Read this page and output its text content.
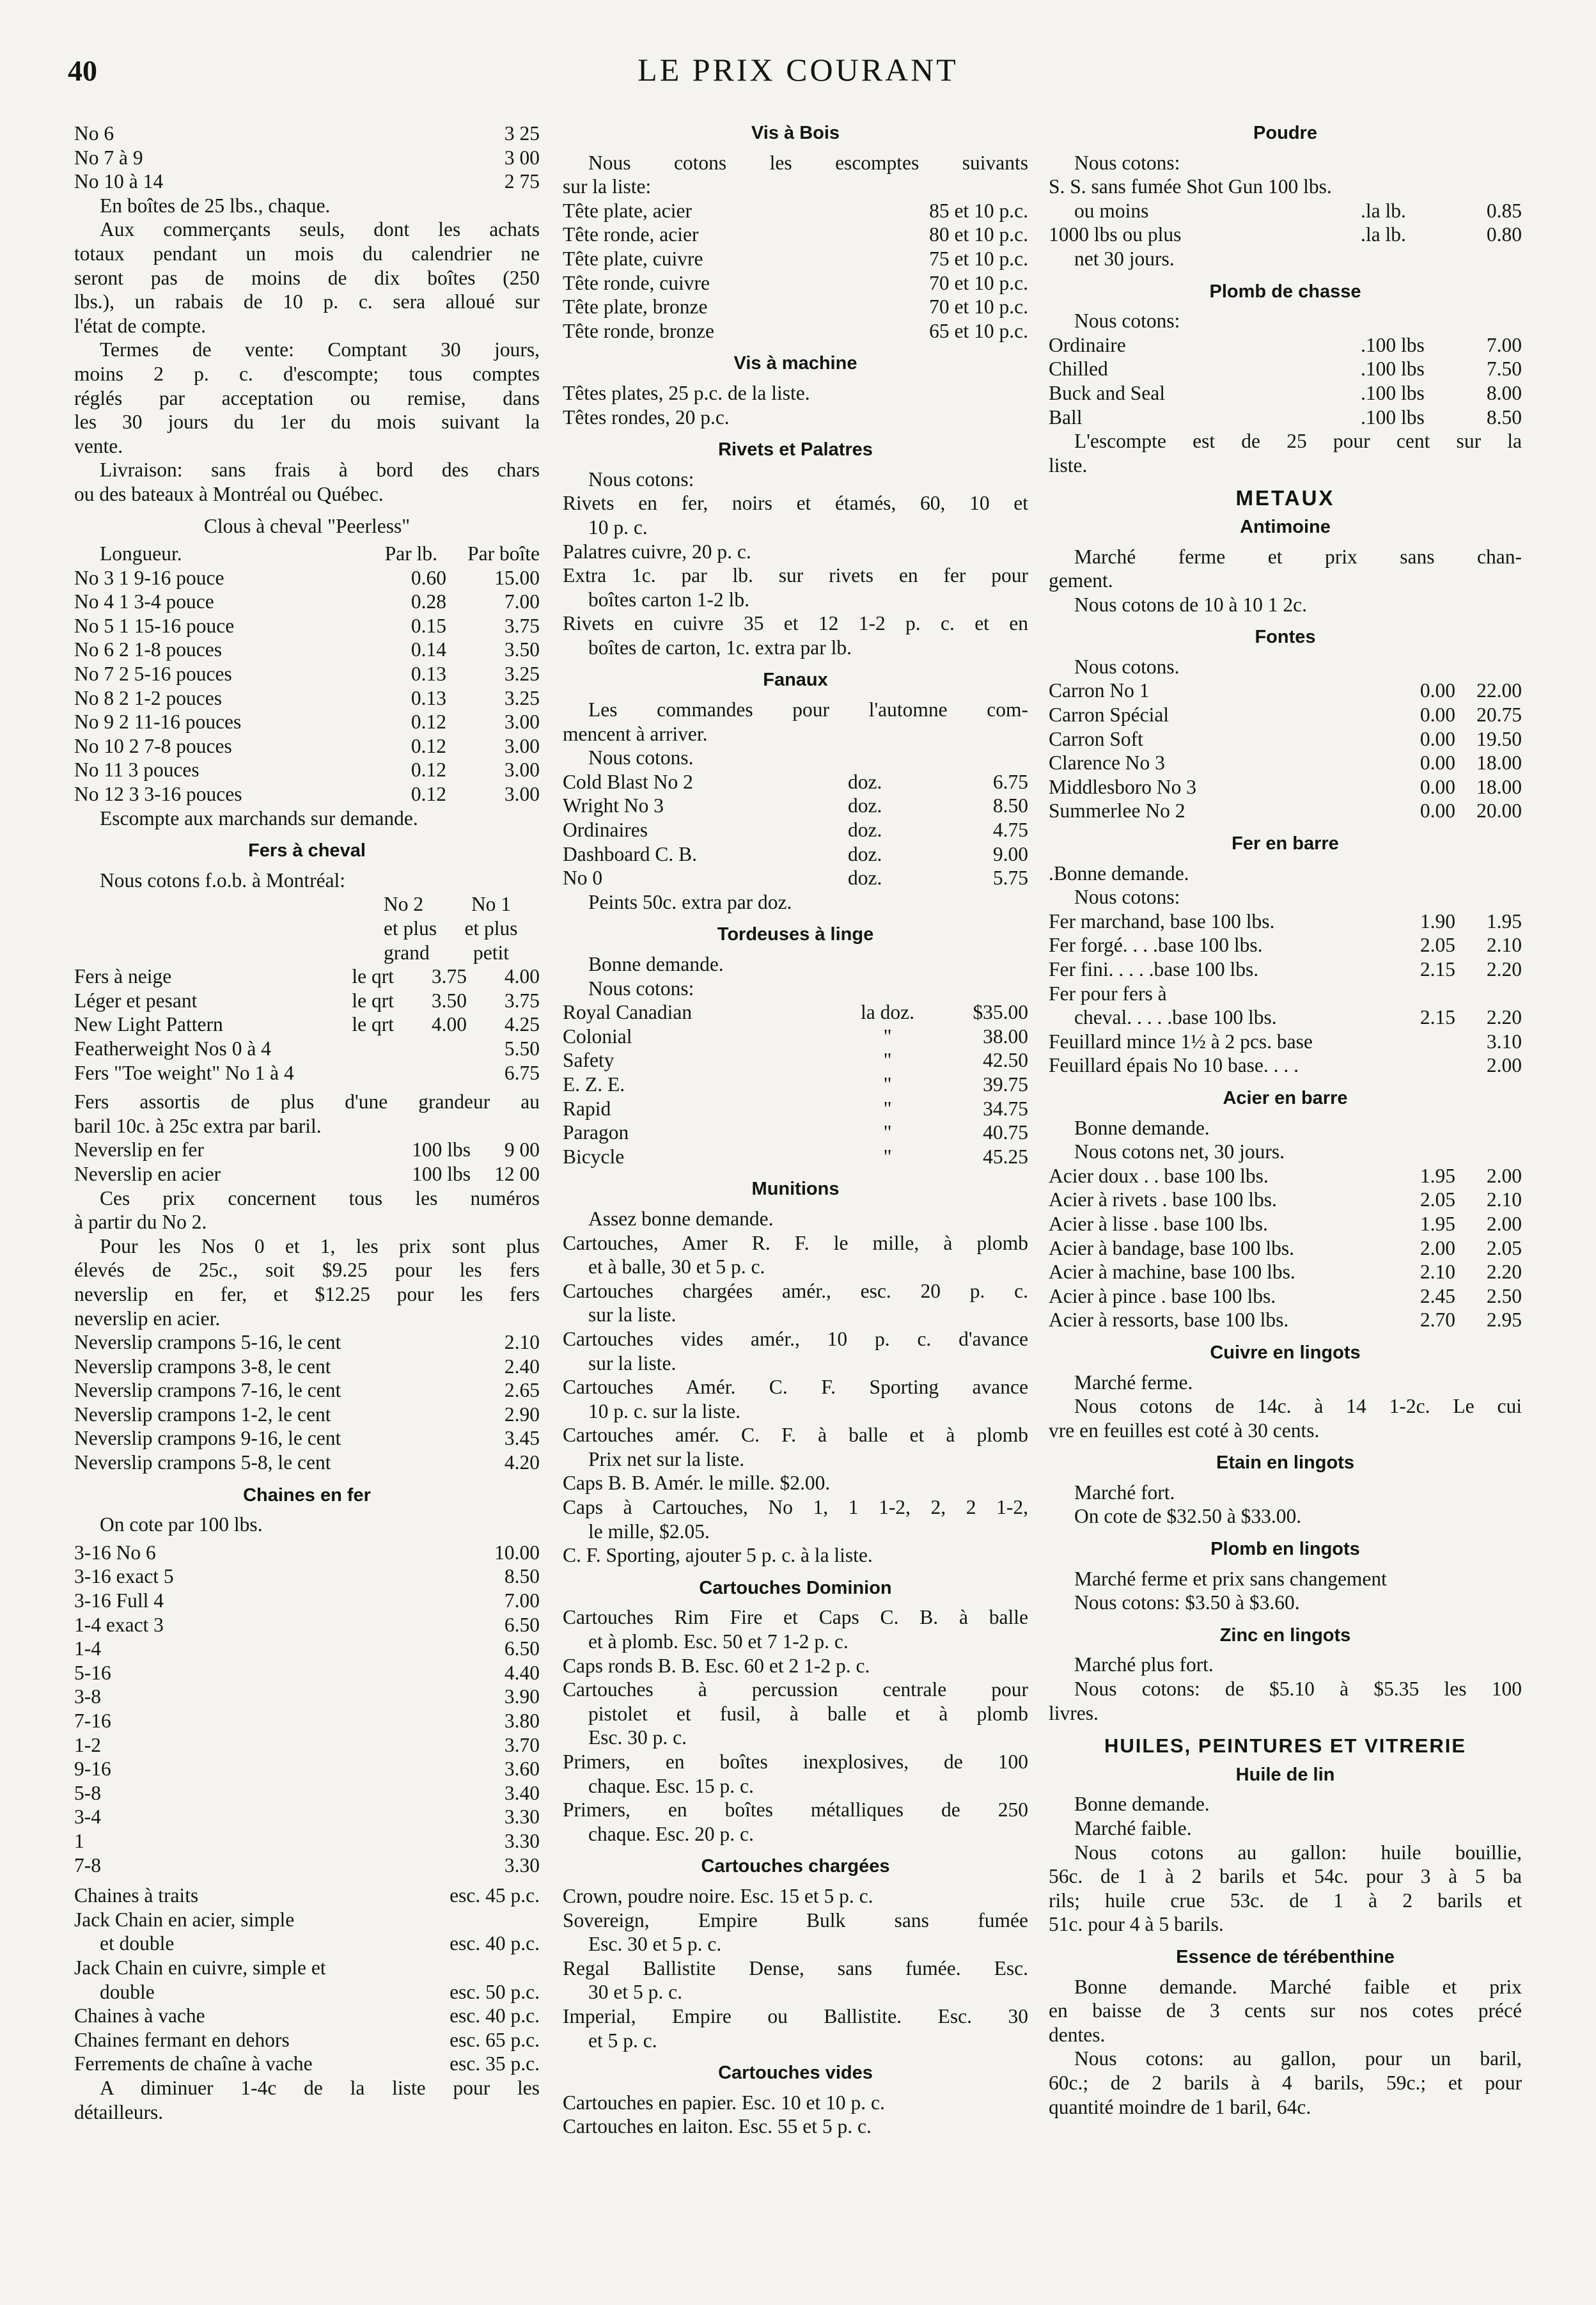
40	LE PRIX COURANT
No 6	3 25
No 7 à 9	3 00
No 10 à 14	2 75
En boîtes de 25 lbs., chaque.
Aux commerçants seuls, dont les achats
totaux pendant un mois du calendrier ne
seront pas de moins de dix boîtes (250
lbs.), un rabais de 10 p. c. sera alloué sur
l'état de compte.
Termes de vente: Comptant 30 jours,
moins 2 p. c. d'escompte; tous comptes
réglés par acceptation ou remise, dans
les 30 jours du 1er du mois suivant la
vente.
Livraison: sans frais à bord des chars
ou des bateaux à Montréal ou Québec.
Clous à cheval "Peerless"
Longueur.	Par lb.	Par boîte
No 3 1 9-16 pouce	0.60	15.00
No 4 1 3-4 pouce	0.28	7.00
No 5 1 15-16 pouce	0.15	3.75
No 6 2 1-8 pouces	0.14	3.50
No 7 2 5-16 pouces	0.13	3.25
No 8 2 1-2 pouces	0.13	3.25
No 9 2 11-16 pouces	0.12	3.00
No 10 2 7-8 pouces	0.12	3.00
No 11 3 pouces	0.12	3.00
No 12 3 3-16 pouces	0.12	3.00
Escompte aux marchands sur demande.
Fers à cheval
Nous cotons f.o.b. à Montréal:
No 2	No 1
et plus	et plus
grand	petit
Fers à neige	le qrt	3.75	4.00
Léger et pesant	le qrt	3.50	3.75
New Light Pattern	le qrt	4.00	4.25
Featherweight Nos 0 à 4	5.50
Fers "Toe weight" No 1 à 4	6.75
Fers assortis de plus d'une grandeur au
baril 10c. à 25c extra par baril.
Neverslip en fer	100 lbs	9 00
Neverslip en acier	100 lbs	12 00
Ces prix concernent tous les numéros
à partir du No 2.
Pour les Nos 0 et 1, les prix sont plus
élevés de 25c., soit $9.25 pour les fers
neverslip en fer, et $12.25 pour les fers
neverslip en acier.
Neverslip crampons 5-16, le cent	2.10
Neverslip crampons 3-8, le cent	2.40
Neverslip crampons 7-16, le cent	2.65
Neverslip crampons 1-2, le cent	2.90
Neverslip crampons 9-16, le cent	3.45
Neverslip crampons 5-8, le cent	4.20
Chaines en fer
On cote par 100 lbs.
3-16 No 6	10.00
3-16 exact 5	8.50
3-16 Full 4	7.00
1-4 exact 3	6.50
1-4	6.50
5-16	4.40
3-8	3.90
7-16	3.80
1-2	3.70
9-16	3.60
5-8	3.40
3-4	3.30
1	3.30
7-8	3.30
Chaines à traits	esc. 45 p.c.
Jack Chain en acier, simple
et double	esc. 40 p.c.
Jack Chain en cuivre, simple et
double	esc. 50 p.c.
Chaines à vache	esc. 40 p.c.
Chaines fermant en dehors	esc. 65 p.c.
Ferrements de chaîne à vache	esc. 35 p.c.
A diminuer 1-4c de la liste pour les
détailleurs.
Vis à Bois
Nous cotons les escomptes suivants
sur la liste:
Tête plate, acier	85 et 10 p.c.
Tête ronde, acier	80 et 10 p.c.
Tête plate, cuivre	75 et 10 p.c.
Tête ronde, cuivre	70 et 10 p.c.
Tête plate, bronze	70 et 10 p.c.
Tête ronde, bronze	65 et 10 p.c.
Vis à machine
Têtes plates, 25 p.c. de la liste.
Têtes rondes, 20 p.c.
Rivets et Palatres
Nous cotons:
Rivets en fer, noirs et étamés, 60, 10 et
10 p. c.
Palatres cuivre, 20 p. c.
Extra 1c. par lb. sur rivets en fer pour
boîtes carton 1-2 lb.
Rivets en cuivre 35 et 12 1-2 p. c. et en
boîtes de carton, 1c. extra par lb.
Fanaux
Les commandes pour l'automne com-
mencent à arriver.
Nous cotons.
Cold Blast No 2	doz.	6.75
Wright No 3	doz.	8.50
Ordinaires	doz.	4.75
Dashboard C. B.	doz.	9.00
No 0	doz.	5.75
Peints 50c. extra par doz.
Tordeuses à linge
Bonne demande.
Nous cotons:
Royal Canadian	la doz.	$35.00
Colonial	"	38.00
Safety	"	42.50
E. Z. E.	"	39.75
Rapid	"	34.75
Paragon	"	40.75
Bicycle	"	45.25
Munitions
Assez bonne demande.
Cartouches, Amer R. F. le mille, à plomb
et à balle, 30 et 5 p. c.
Cartouches chargées amér., esc. 20 p. c.
sur la liste.
Cartouches vides amér., 10 p. c. d'avance
sur la liste.
Cartouches Amér. C. F. Sporting avance
10 p. c. sur la liste.
Cartouches amér. C. F. à balle et à plomb
Prix net sur la liste.
Caps B. B. Amér. le mille. $2.00.
Caps à Cartouches, No 1, 1 1-2, 2, 2 1-2,
le mille, $2.05.
C. F. Sporting, ajouter 5 p. c. à la liste.
Cartouches Dominion
Cartouches Rim Fire et Caps C. B. à balle
et à plomb. Esc. 50 et 7 1-2 p. c.
Caps ronds B. B. Esc. 60 et 2 1-2 p. c.
Cartouches à percussion centrale pour
pistolet et fusil, à balle et à plomb
Esc. 30 p. c.
Primers, en boîtes inexplosives, de 100
chaque. Esc. 15 p. c.
Primers, en boîtes métalliques de 250
chaque. Esc. 20 p. c.
Cartouches chargées
Crown, poudre noire. Esc. 15 et 5 p. c.
Sovereign, Empire Bulk sans fumée
Esc. 30 et 5 p. c.
Regal Ballistite Dense, sans fumée. Esc.
30 et 5 p. c.
Imperial, Empire ou Ballistite. Esc. 30
et 5 p. c.
Cartouches vides
Cartouches en papier. Esc. 10 et 10 p. c.
Cartouches en laiton. Esc. 55 et 5 p. c.
Poudre
Nous cotons:
S. S. sans fumée Shot Gun 100 lbs.
ou moins	.la lb.	0.85
1000 lbs ou plus	.la lb.	0.80
net 30 jours.
Plomb de chasse
Nous cotons:
Ordinaire	.100 lbs	7.00
Chilled	.100 lbs	7.50
Buck and Seal	.100 lbs	8.00
Ball	.100 lbs	8.50
L'escompte est de 25 pour cent sur la
liste.
METAUX
Antimoine
Marché ferme et prix sans chan-
gement.
Nous cotons de 10 à 10 1 2c.
Fontes
Nous cotons.
Carron No 1	0.00	22.00
Carron Spécial	0.00	20.75
Carron Soft	0.00	19.50
Clarence No 3	0.00	18.00
Middlesboro No 3	0.00	18.00
Summerlee No 2	0.00	20.00
Fer en barre
.Bonne demande.
Nous cotons:
Fer marchand, base 100 lbs.	1.90	1.95
Fer forgé. . . .base 100 lbs.	2.05	2.10
Fer fini. . . . .base 100 lbs.	2.15	2.20
Fer pour fers à
cheval. . . . .base 100 lbs.	2.15	2.20
Feuillard mince 1½ à 2 pcs. base	3.10
Feuillard épais No 10 base. . . .	2.00
Acier en barre
Bonne demande.
Nous cotons net, 30 jours.
Acier doux . . base 100 lbs.	1.95	2.00
Acier à rivets . base 100 lbs.	2.05	2.10
Acier à lisse . base 100 lbs.	1.95	2.00
Acier à bandage, base 100 lbs.	2.00	2.05
Acier à machine, base 100 lbs.	2.10	2.20
Acier à pince . base 100 lbs.	2.45	2.50
Acier à ressorts, base 100 lbs.	2.70	2.95
Cuivre en lingots
Marché ferme.
Nous cotons de 14c. à 14 1-2c. Le cui
vre en feuilles est coté à 30 cents.
Etain en lingots
Marché fort.
On cote de $32.50 à $33.00.
Plomb en lingots
Marché ferme et prix sans changement
Nous cotons: $3.50 à $3.60.
Zinc en lingots
Marché plus fort.
Nous cotons: de $5.10 à $5.35 les 100
livres.
HUILES, PEINTURES ET VITRERIE
Huile de lin
Bonne demande.
Marché faible.
Nous cotons au gallon: huile bouillie,
56c. de 1 à 2 barils et 54c. pour 3 à 5 ba
rils; huile crue 53c. de 1 à 2 barils et
51c. pour 4 à 5 barils.
Essence de térébenthine
Bonne demande. Marché faible et prix
en baisse de 3 cents sur nos cotes précé
dentes.
Nous cotons: au gallon, pour un baril,
60c.; de 2 barils à 4 barils, 59c.; et pour
quantité moindre de 1 baril, 64c.
